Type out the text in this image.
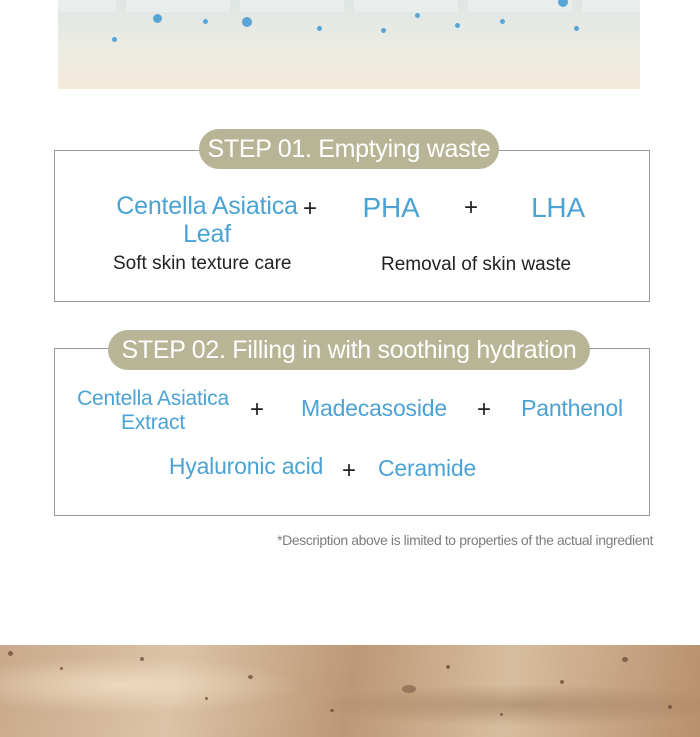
STEP 01. Emptying waste
Centella Asiatica
Leaf
+	PHA	+	LHA
Soft skin texture care	Removal of skin waste
STEP 02. Filling in with soothing hydration
Centella Asiatica
Extract	+	Madecasoside	+	Panthenol
Hyaluronic acid + Ceramide
*Description above is limited to properties of the actual ingredient
